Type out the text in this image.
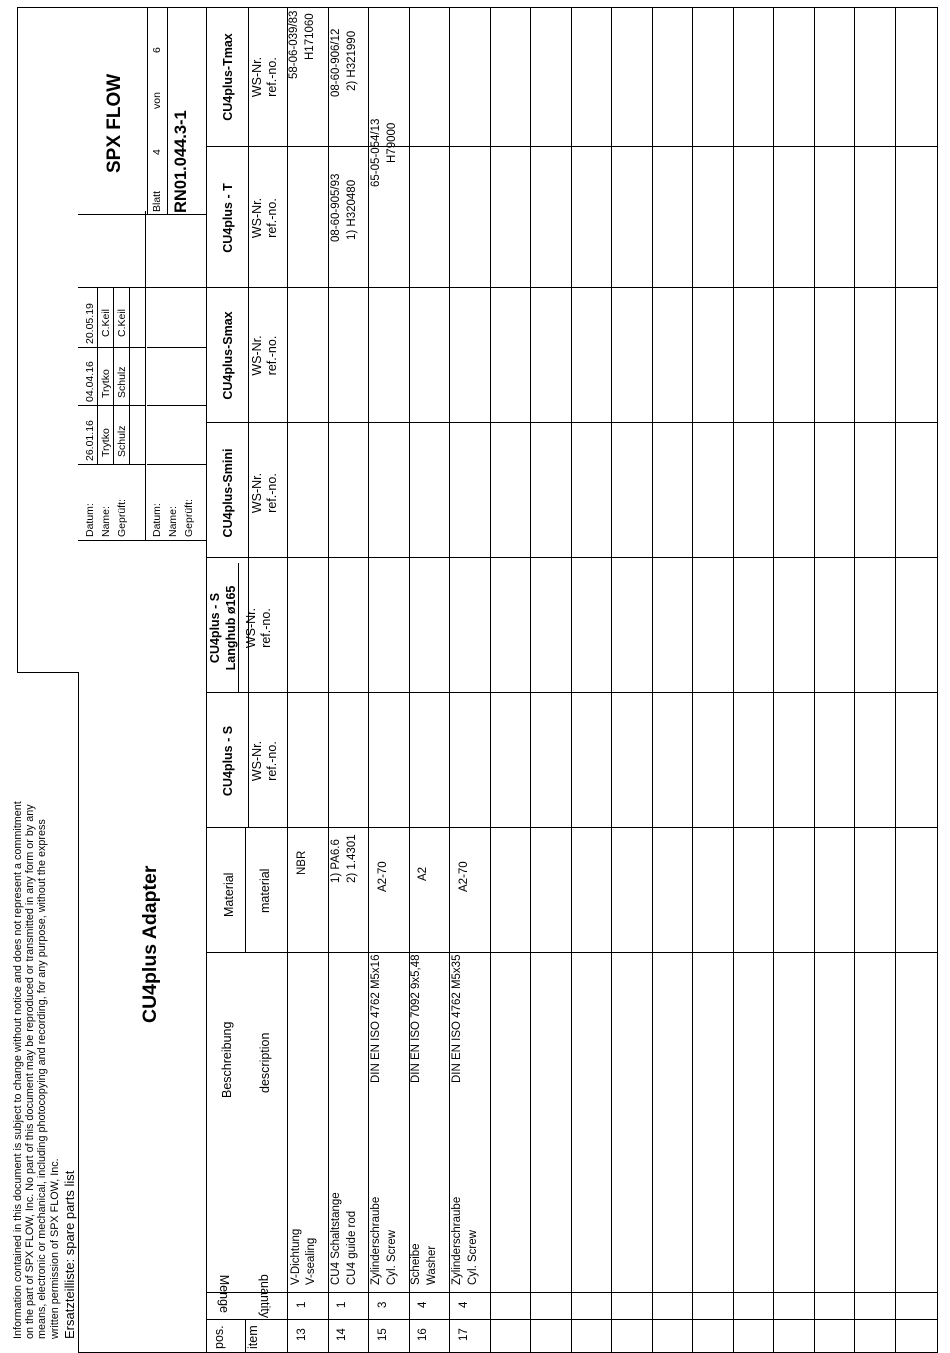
Information contained in this document is subject to change without notice and does not represent a commitment on the part of SPX FLOW, Inc. No part of this document may be reproduced or transmitted in any form or by any means, electronic or mechanical, including photocopying and recording, for any purpose, without the express written permission of SPX FLOW, Inc. Ersatzteilliste: spare parts list
CU4plus Adapter
Datum: Name: Geprüft:
26.01.16 Trytko Schulz
04.04.16 Trytko Schulz
20.05.19 C.Keil C.Keil
Datum: Name: Geprüft:
SPX FLOW
Blatt
4
von
6
RN01.044.3-1
pos. item
Menge quantity
Beschreibung description
Material material
CU4plus - S WS-Nr. ref.-no.
CU4plus - S Langhub ø165 WS-Nr. ref.-no.
CU4plus-Smini WS-Nr. ref.-no.
CU4plus-Smax WS-Nr. ref.-no.
CU4plus - T WS-Nr. ref.-no.
CU4plus-Tmax WS-Nr. ref.-no.
13
1
V-Dichtung V-sealing
NBR
58-06-039/83 H171060
14
1
CU4 Schaltstange CU4 guide rod
1) PA6.6 2) 1.4301
08-60-905/93 1) H320480
08-60-906/12 2) H321990
15
3
Zylinderschraube Cyl. Screw
DIN EN ISO 4762 M5x16
A2-70
65-05-054/13 H79000
16
4
Scheibe Washer
DIN EN ISO 7092 9x5,48
A2
17
4
Zylinderschraube Cyl. Screw
DIN EN ISO 4762 M5x35
A2-70
